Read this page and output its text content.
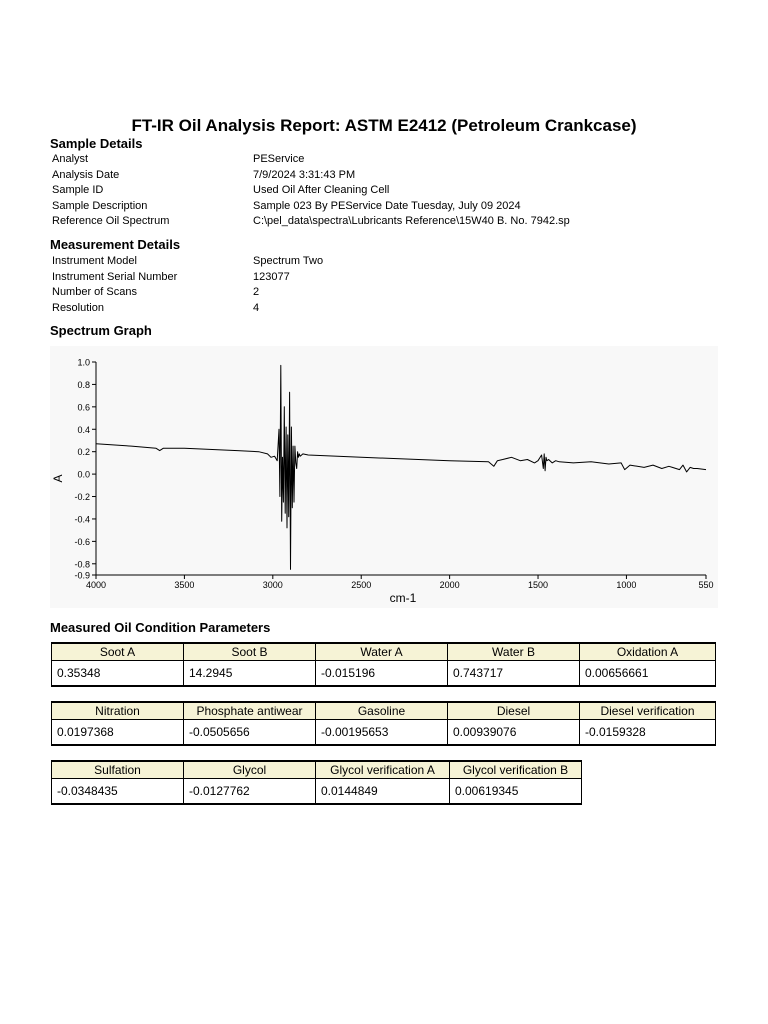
FT-IR Oil Analysis Report: ASTM E2412 (Petroleum Crankcase)
Sample Details
Analyst	PEService
Analysis Date	7/9/2024 3:31:43 PM
Sample ID	Used Oil After Cleaning Cell
Sample Description	Sample 023 By PEService Date Tuesday, July 09 2024
Reference Oil Spectrum	C:\pel_data\spectra\Lubricants Reference\15W40 B. No. 7942.sp
Measurement Details
Instrument Model	Spectrum Two
Instrument Serial Number	123077
Number of Scans	2
Resolution	4
Spectrum Graph
1.0
0.8
0.6
0.4
0.2
0.0
-0.2
-0.4
-0.6
-0.8
-0.9
4000	3500	3000	2500	2000	1500	1000	550
cm-1
A
Measured Oil Condition Parameters
Soot A	Soot B	Water A	Water B	Oxidation A
0.35348	14.2945	-0.015196	0.743717	0.00656661
Nitration	Phosphate antiwear	Gasoline	Diesel	Diesel verification
0.0197368	-0.0505656	-0.00195653	0.00939076	-0.0159328
Sulfation	Glycol	Glycol verification A	Glycol verification B
-0.0348435	-0.0127762	0.0144849	0.00619345
